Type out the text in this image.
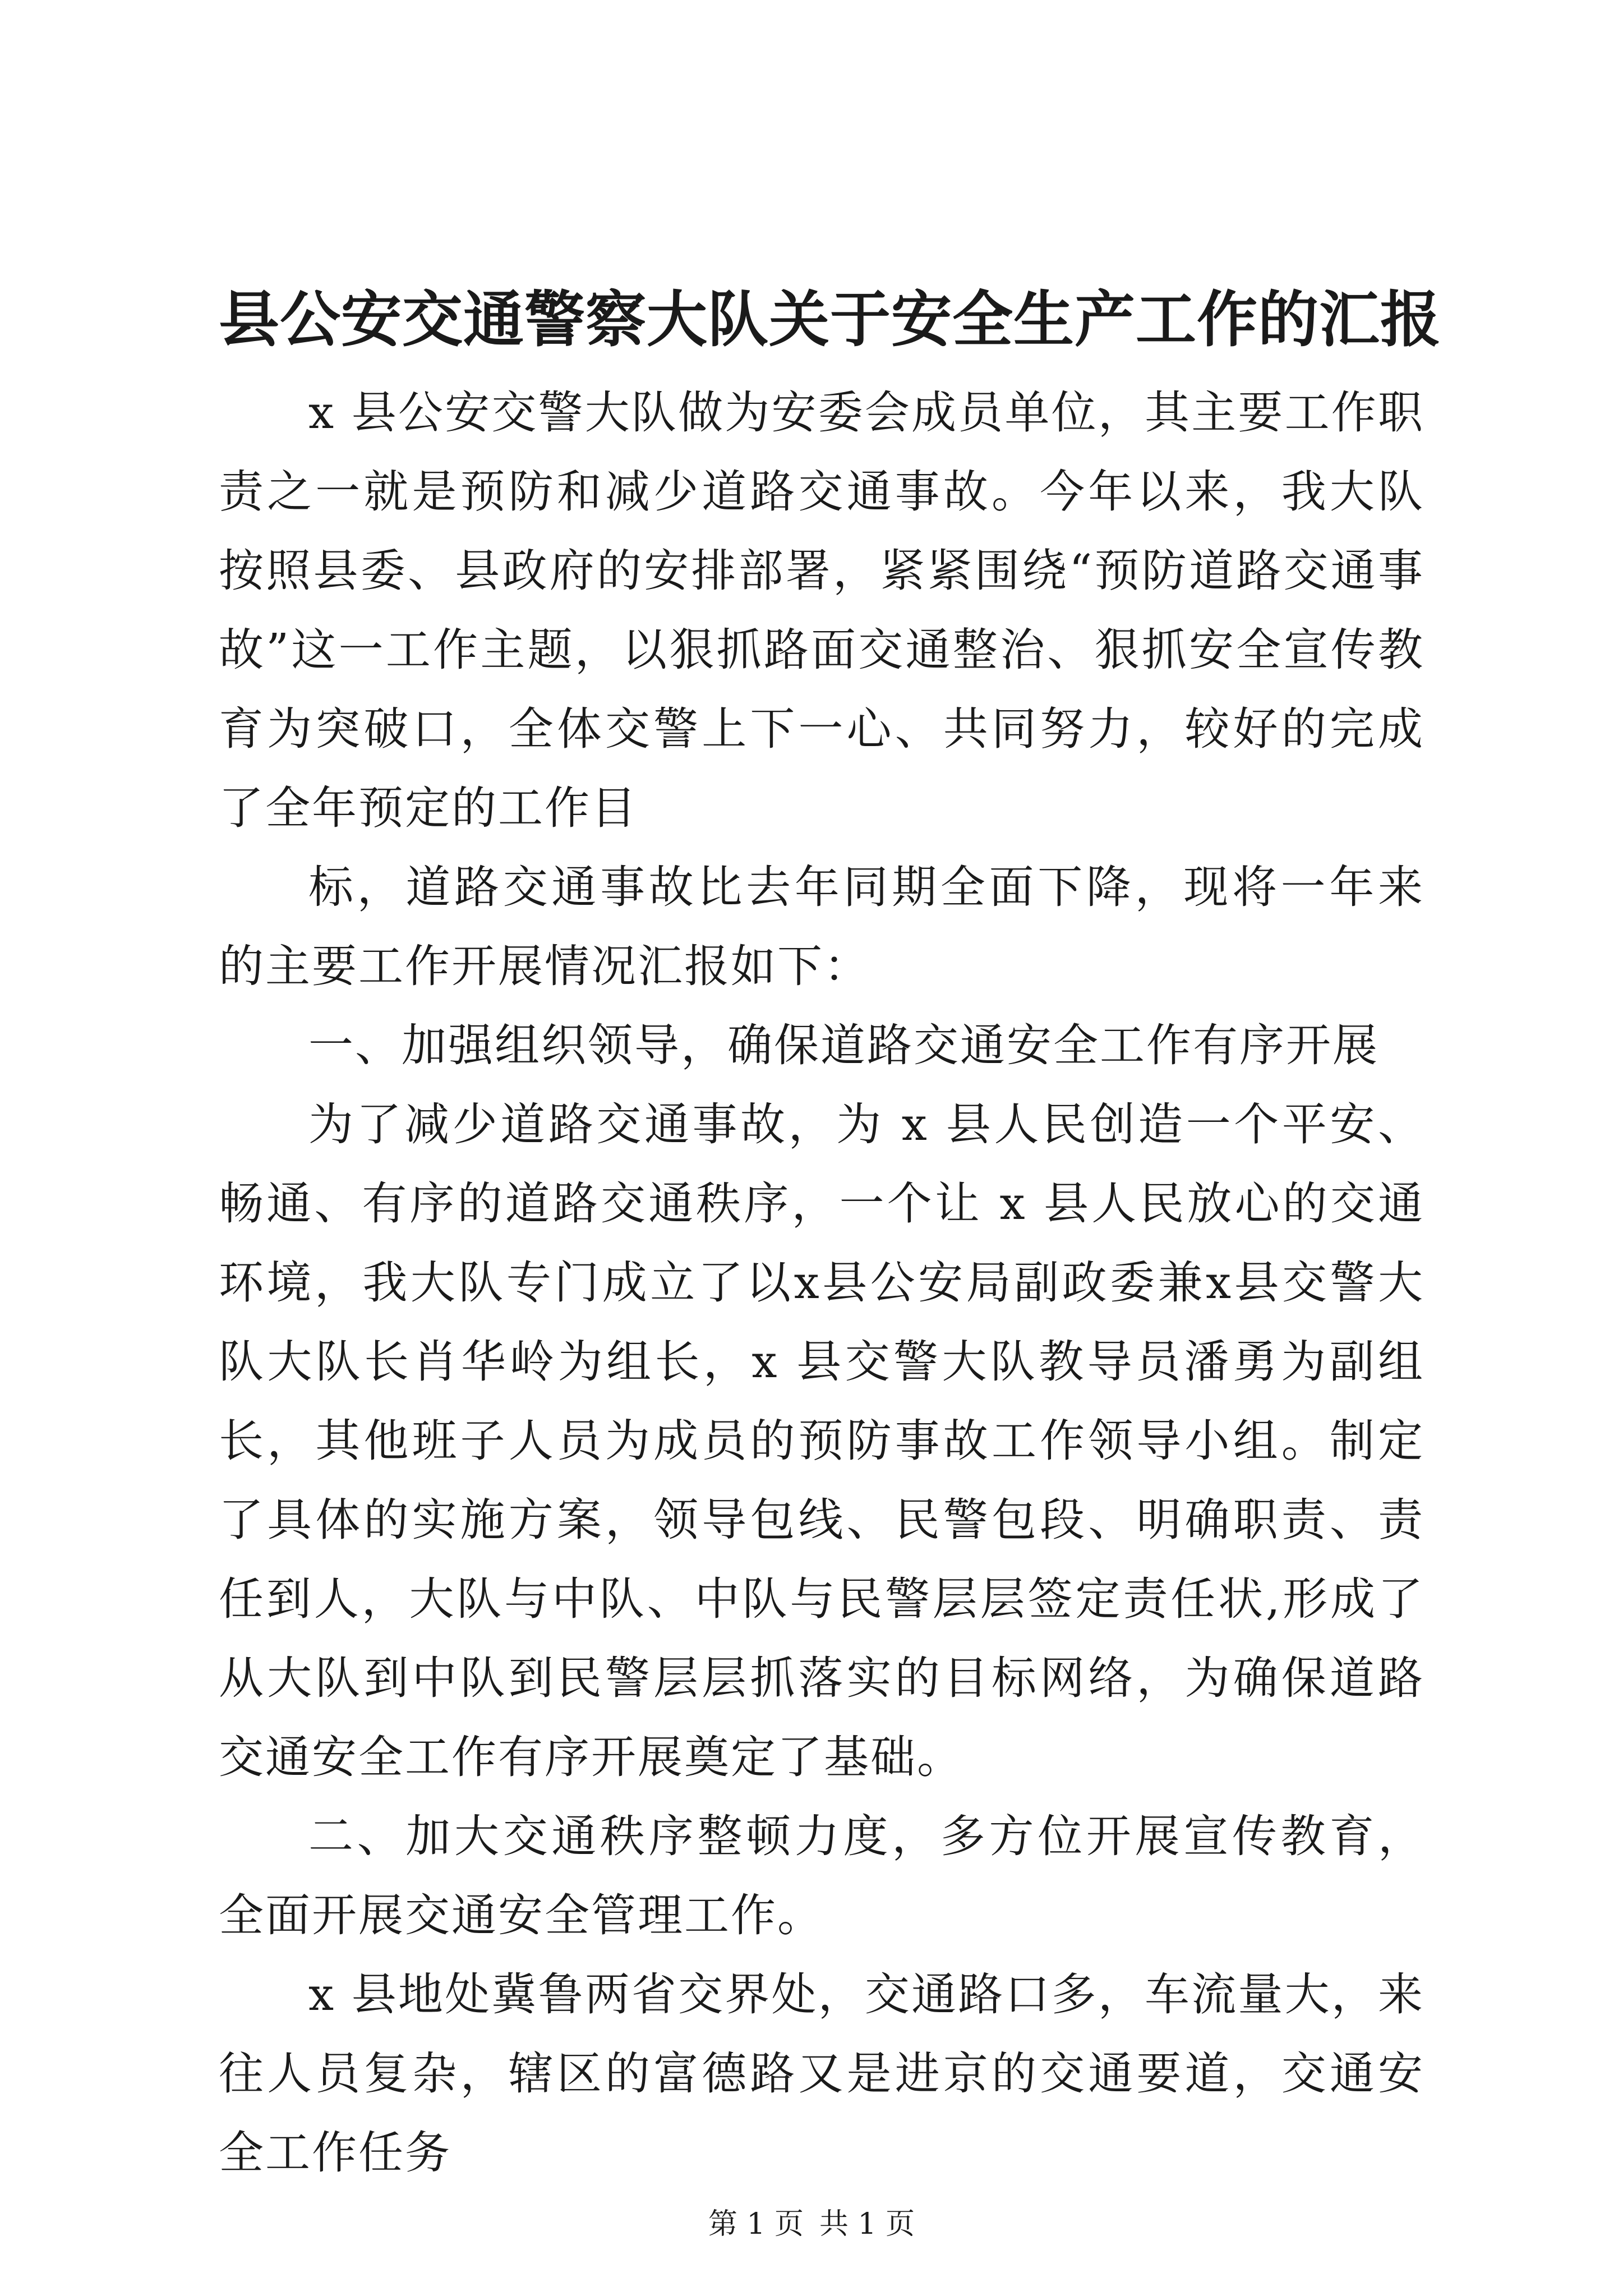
县公安交通警察大队关于安全生产工作的汇报

x 县公安交警大队做为安委会成员单位，其主要工作职责之一就是预防和减少道路交通事故。今年以来，我大队按照县委、县政府的安排部署，紧紧围绕“预防道路交通事故”这一工作主题，以狠抓路面交通整治、狠抓安全宣传教育为突破口，全体交警上下一心、共同努力，较好的完成了全年预定的工作目

标，道路交通事故比去年同期全面下降，现将一年来的主要工作开展情况汇报如下：

一、加强组织领导，确保道路交通安全工作有序开展

为了减少道路交通事故，为 x 县人民创造一个平安、畅通、有序的道路交通秩序，一个让 x 县人民放心的交通环境，我大队专门成立了以x县公安局副政委兼x县交警大队大队长肖华岭为组长，x 县交警大队教导员潘勇为副组长，其他班子人员为成员的预防事故工作领导小组。制定了具体的实施方案，领导包线、民警包段、明确职责、责任到人，大队与中队、中队与民警层层签定责任状,形成了从大队到中队到民警层层抓落实的目标网络，为确保道路交通安全工作有序开展奠定了基础。

二、加大交通秩序整顿力度，多方位开展宣传教育，全面开展交通安全管理工作。

x 县地处冀鲁两省交界处，交通路口多，车流量大，来往人员复杂，辖区的富德路又是进京的交通要道，交通安全工作任务

第 1 页 共 1 页
